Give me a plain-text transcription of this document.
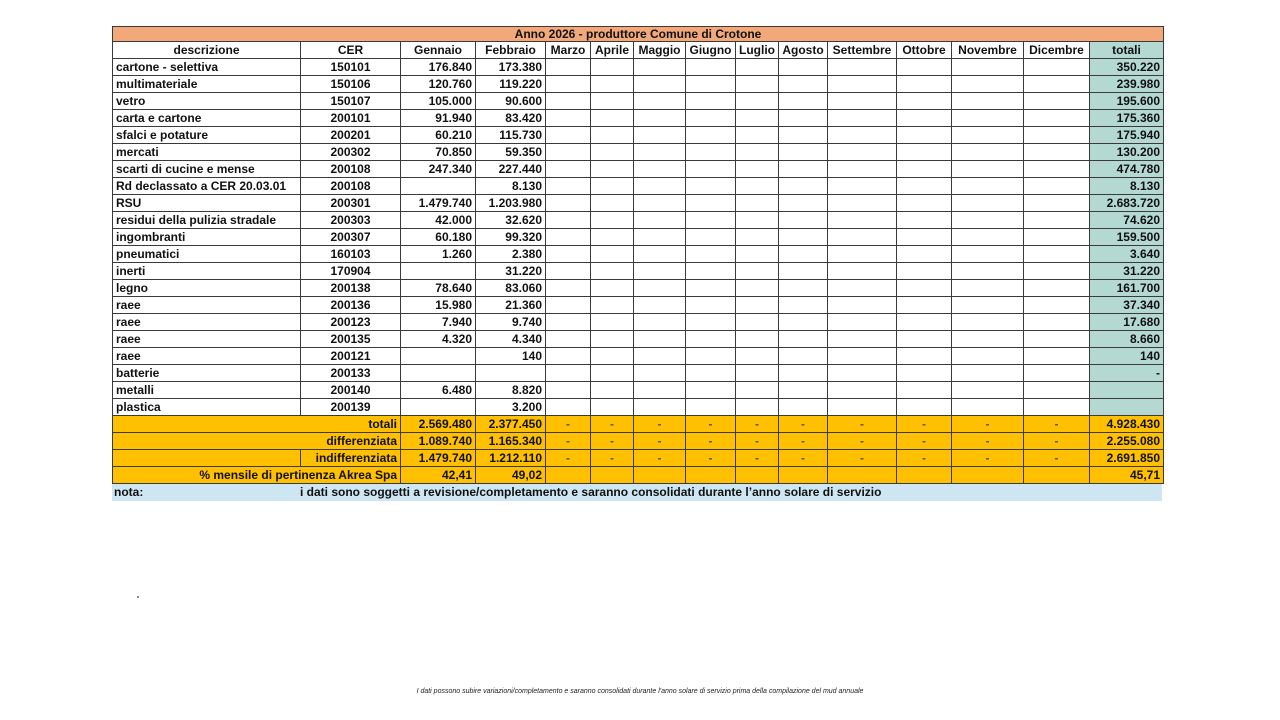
Anno 2026 - produttore Comune di Crotone														
descrizione	CER	Gennaio	Febbraio	Marzo	Aprile	Maggio	Giugno	Luglio	Agosto	Settembre	Ottobre	Novembre	Dicembre	totali
cartone - selettiva	150101	176.840	173.380											350.220
multimateriale	150106	120.760	119.220											239.980
vetro	150107	105.000	90.600											195.600
carta e cartone	200101	91.940	83.420											175.360
sfalci e potature	200201	60.210	115.730											175.940
mercati	200302	70.850	59.350											130.200
scarti di cucine e mense	200108	247.340	227.440											474.780
Rd declassato a CER 20.03.01	200108		8.130											8.130
RSU	200301	1.479.740	1.203.980											2.683.720
residui della pulizia stradale	200303	42.000	32.620											74.620
ingombranti	200307	60.180	99.320											159.500
pneumatici	160103	1.260	2.380											3.640
inerti	170904		31.220											31.220
legno	200138	78.640	83.060											161.700
raee	200136	15.980	21.360											37.340
raee	200123	7.940	9.740											17.680
raee	200135	4.320	4.340											8.660
raee	200121		140											140
batterie	200133													-
metalli	200140	6.480	8.820											
plastica	200139		3.200											
totali		2.569.480	2.377.450	-	-	-	-	-	-	-	-	-	-	4.928.430
differenziata		1.089.740	1.165.340	-	-	-	-	-	-	-	-	-	-	2.255.080
	indifferenziata	1.479.740	1.212.110	-	-	-	-	-	-	-	-	-	-	2.691.850
% mensile di pertinenza Akrea Spa		42,41	49,02											45,71
nota:	i dati sono soggetti a revisione/completamento e saranno consolidati durante l’anno solare di servizio
I dati possono subire variazioni/completamento e saranno consolidati durante l'anno solare di servizio prima della compilazione del mud annuale
